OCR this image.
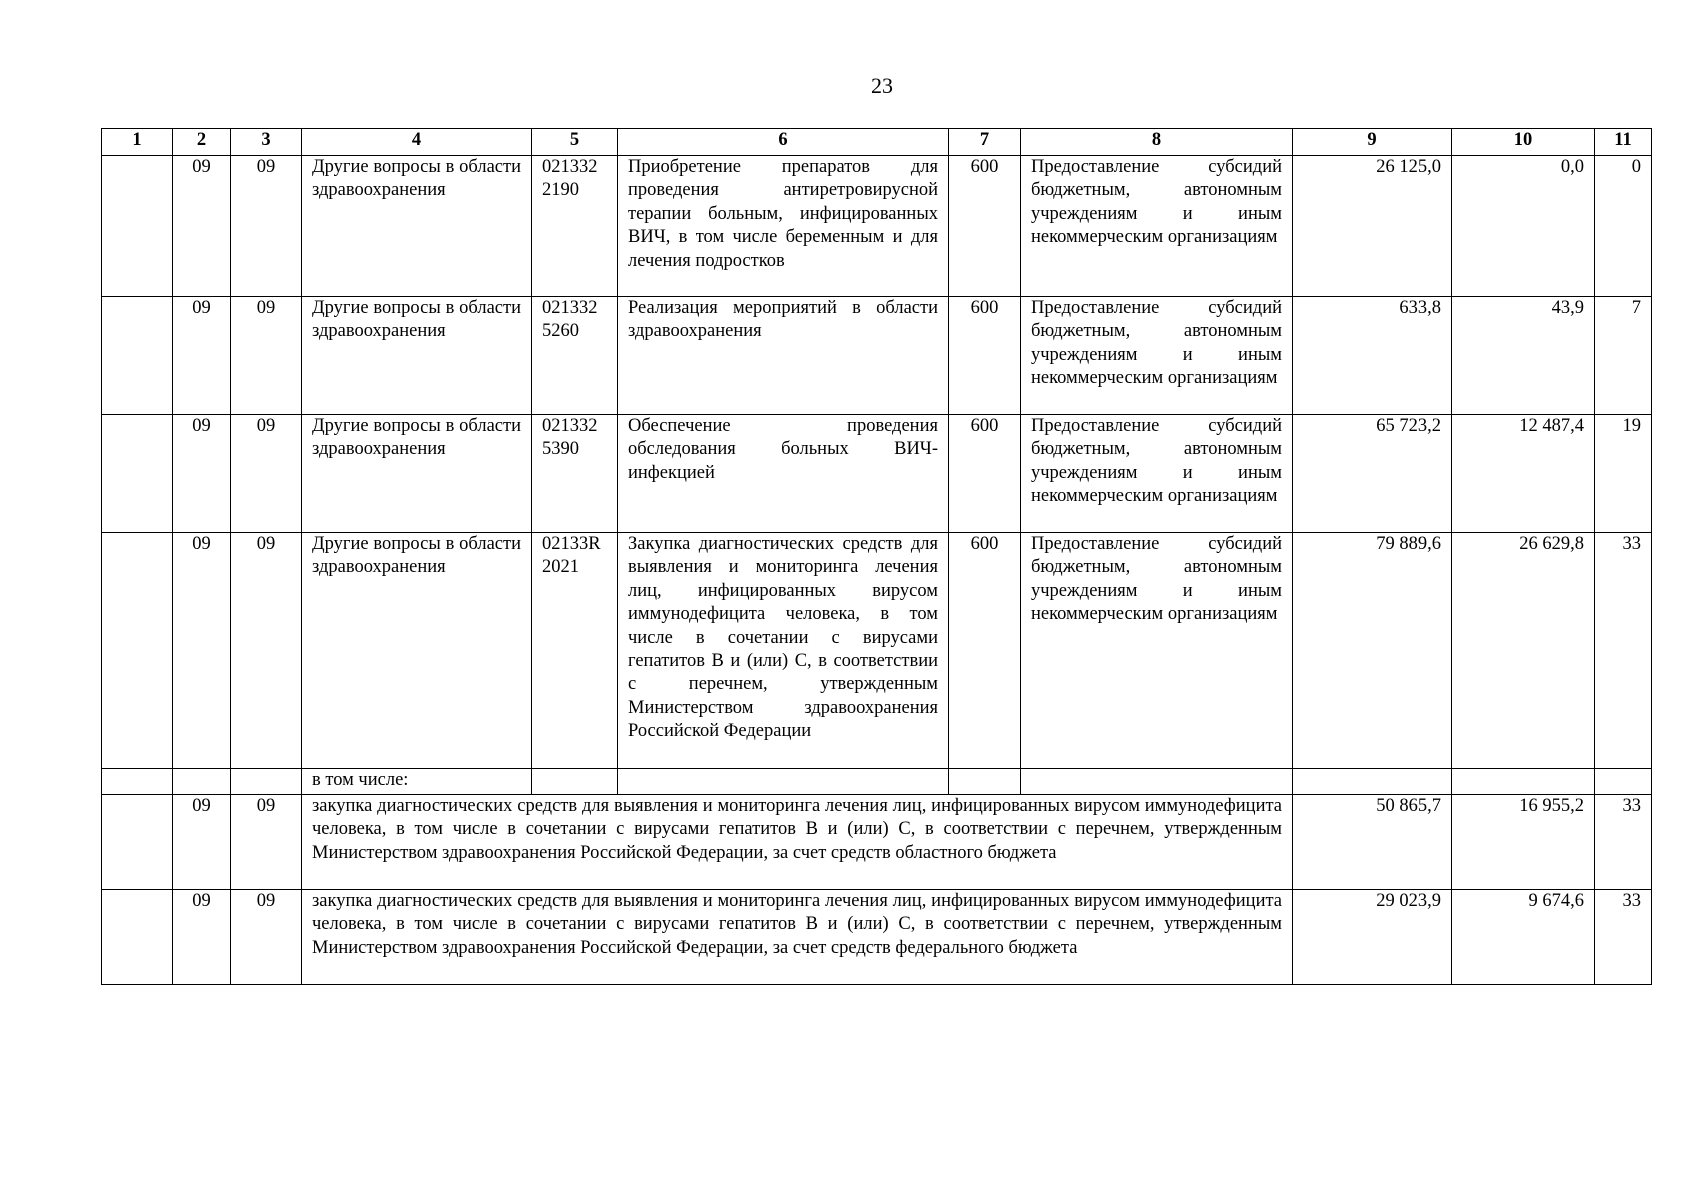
23
1	2	3	4	5	6	7	8	9	10	11
	09	09	Другие вопросы в области здравоохранения	021332 2190	Приобретение препаратов для проведения антиретровирусной терапии больным, инфицированных ВИЧ, в том числе беременным и для лечения подростков	600	Предоставление субсидий бюджетным, автономным учреждениям и иным некоммерческим организациям	26 125,0	0,0	0
	09	09	Другие вопросы в области здравоохранения	021332 5260	Реализация мероприятий в области здравоохранения	600	Предоставление субсидий бюджетным, автономным учреждениям и иным некоммерческим организациям	633,8	43,9	7
	09	09	Другие вопросы в области здравоохранения	021332 5390	Обеспечение проведения обследования больных ВИЧ-инфекцией	600	Предоставление субсидий бюджетным, автономным учреждениям и иным некоммерческим организациям	65 723,2	12 487,4	19
	09	09	Другие вопросы в области здравоохранения	02133R 2021	Закупка диагностических средств для выявления и мониторинга лечения лиц, инфицированных вирусом иммунодефицита человека, в том числе в сочетании с вирусами гепатитов B и (или) C, в соответствии с перечнем, утвержденным Министерством здравоохранения Российской Федерации	600	Предоставление субсидий бюджетным, автономным учреждениям и иным некоммерческим организациям	79 889,6	26 629,8	33
			в том числе:							
	09	09	закупка диагностических средств для выявления и мониторинга лечения лиц, инфицированных вирусом иммунодефицита человека, в том числе в сочетании с вирусами гепатитов B и (или) C, в соответствии с перечнем, утвержденным Министерством здравоохранения Российской Федерации, за счет средств областного бюджета					50 865,7	16 955,2	33
	09	09	закупка диагностических средств для выявления и мониторинга лечения лиц, инфицированных вирусом иммунодефицита человека, в том числе в сочетании с вирусами гепатитов B и (или) C, в соответствии с перечнем, утвержденным Министерством здравоохранения Российской Федерации, за счет средств федерального бюджета					29 023,9	9 674,6	33
